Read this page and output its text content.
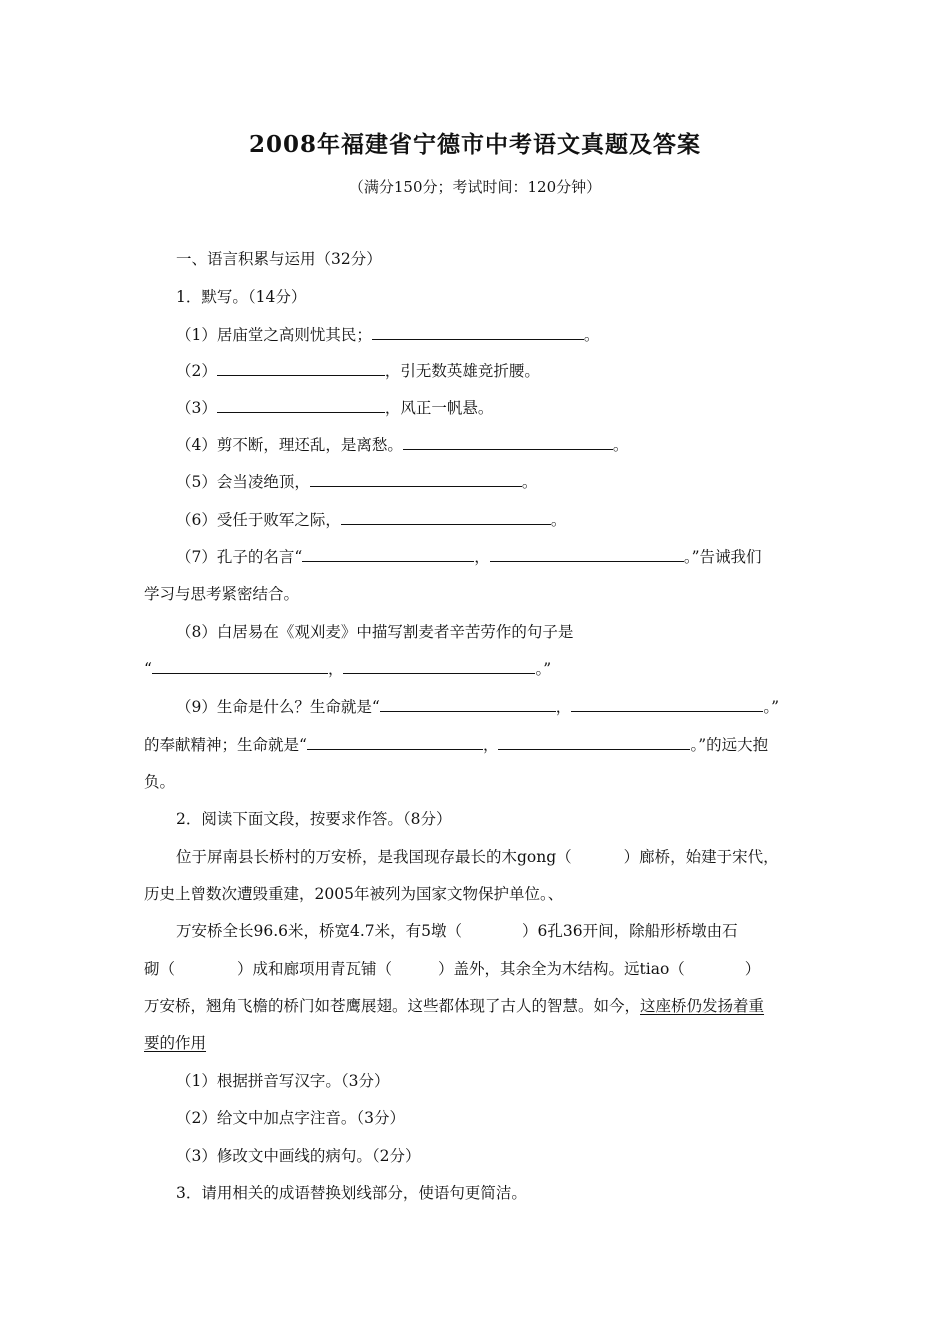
2008年福建省宁德市中考语文真题及答案
（满分150分；考试时间：120分钟）
一、语言积累与运用（32分）
1．默写。（14分）
（1）居庙堂之高则忧其民；	。
（2）	，引无数英雄竞折腰。
（3）	，风正一帆悬。
（4）剪不断，理还乱，是离愁。	。
（5）会当凌绝顶，	。
（6）受任于败军之际，	。
（7）孔子的名言“	，	。”告诫我们
学习与思考紧密结合。
（8）白居易在《观刈麦》中描写割麦者辛苦劳作的句子是
“	，	。”
（9）生命是什么？生命就是“	，	。”
的奉献精神；生命就是“	，	。”的远大抱
负。
2．阅读下面文段，按要求作答。（8分）
位于屏南县长桥村的万安桥，是我国现存最长的木gong（	）廊桥，始建于宋代，
历史上曾数次遭毁重建，2005年被列为国家文物保护单位。、
万安桥全长96.6米，桥宽4.7米，有5墩（	）6孔36开间，除船形桥墩由石
砌（	）成和廊项用青瓦铺（	）盖外，其余全为木结构。远tiao（	）
万安桥，翘角飞檐的桥门如苍鹰展翅。这些都体现了古人的智慧。如今，这座桥仍发扬着重
要的作用
（1）根据拼音写汉字。（3分）
（2）给文中加点字注音。（3分）
（3）修改文中画线的病句。（2分）
3．请用相关的成语替换划线部分，使语句更简洁。
